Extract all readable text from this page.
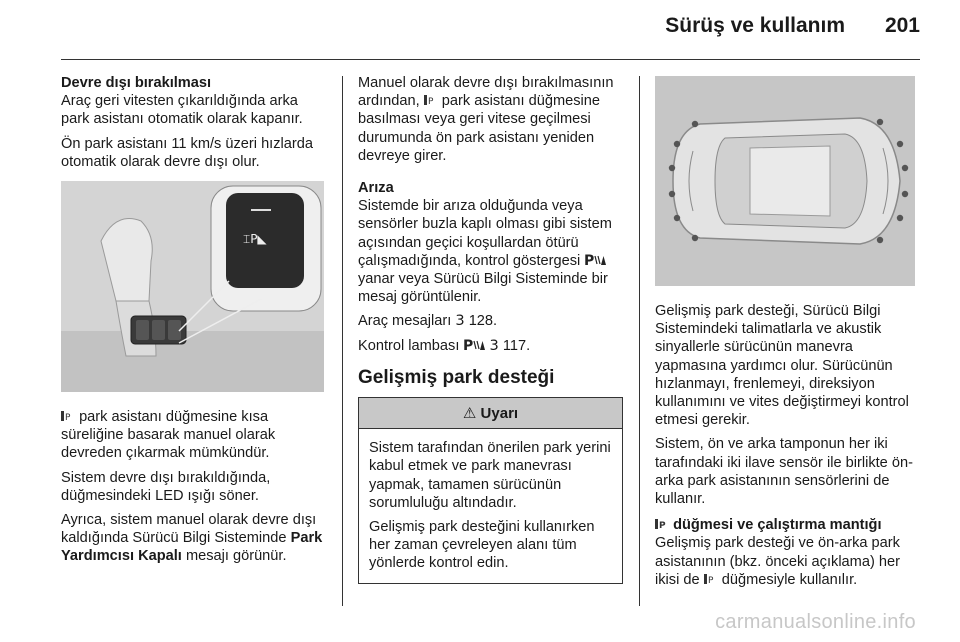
Sürüş ve kullanım 201

Devre dışı bırakılması

Araç geri vitesten çıkarıldığında arka park asistanı otomatik olarak kapanır.

Ön park asistanı 11 km/s üzeri hızlarda otomatik olarak devre dışı olur.

⌶P◣

P park asistanı düğmesine kısa süreliğine basarak manuel olarak devreden çıkarmak mümkündür.

Sistem devre dışı bırakıldığında, düğmesindeki LED ışığı söner.

Ayrıca, sistem manuel olarak devre dışı kaldığında Sürücü Bilgi Sisteminde Park Yardımcısı Kapalı mesajı görünür.

Manuel olarak devre dışı bırakılmasının ardından, P park asistanı düğmesine basılması veya geri vitese geçilmesi durumunda ön park asistanı yeniden devreye girer.

Arıza

Sistemde bir arıza olduğunda veya sensörler buzla kaplı olması gibi sistem açısından geçici koşullardan ötürü çalışmadığında, kontrol göstergesi P
yanar veya Sürücü Bilgi Sisteminde bir mesaj görüntülenir.

Araç mesajları 3 128.

Kontrol lambası P 3 117.

Gelişmiş park desteği
⚠ Uyarı

Sistem tarafından önerilen park yerini kabul etmek ve park manevrası yapmak, tamamen sürücünün sorumluluğu altındadır.

Gelişmiş park desteğini kullanırken her zaman çevreleyen alanı tüm yönlerde kontrol edin.

Gelişmiş park desteği, Sürücü Bilgi Sistemindeki talimatlarla ve akustik sinyallerle sürücünün manevra yapmasına yardımcı olur. Sürücünün hızlanmayı, frenlemeyi, direksiyon kullanımını ve vites değiştirmeyi kontrol etmesi gerekir.

Sistem, ön ve arka tamponun her iki tarafındaki iki ilave sensör ile birlikte ön-arka park asistanının sensörlerini de kullanır.

P düğmesi ve çalıştırma mantığı

Gelişmiş park desteği ve ön-arka park asistanının (bkz. önceki açıklama) her ikisi de P düğmesiyle kullanılır.

carmanualsonline.info
